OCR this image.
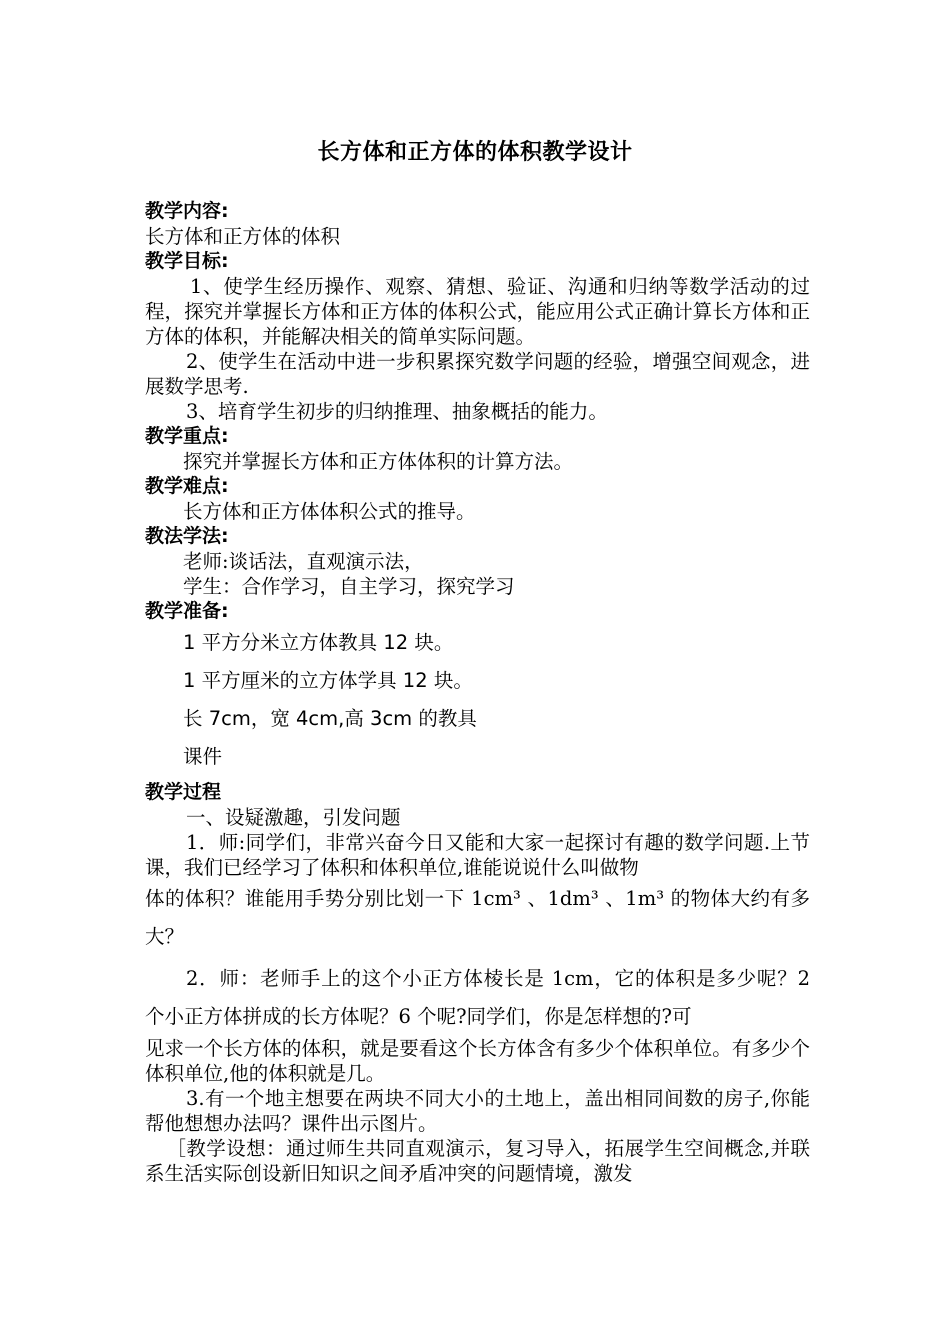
长方体和正方体的体积教学设计

教学内容:

长方体和正方体的体积

教学目标:

1、使学生经历操作、观察、猜想、验证、沟通和归纳等数学活动的过程，探究并掌握长方体和正方体的体积公式，能应用公式正确计算长方体和正方体的体积，并能解决相关的简单实际问题。

2、使学生在活动中进一步积累探究数学问题的经验，增强空间观念，进展数学思考.

3、培育学生初步的归纳推理、抽象概括的能力。

教学重点:

探究并掌握长方体和正方体体积的计算方法。

教学难点:

长方体和正方体体积公式的推导。

教法学法:

老师:谈话法，直观演示法，

学生：合作学习，自主学习，探究学习

教学准备:

1 平方分米立方体教具 12 块。

1 平方厘米的立方体学具 12 块。

长 7cm，宽 4cm,高 3cm 的教具

课件

教学过程

一、设疑激趣，引发问题

1．师:同学们，非常兴奋今日又能和大家一起探讨有趣的数学问题.上节课，我们已经学习了体积和体积单位,谁能说说什么叫做物

体的体积？谁能用手势分别比划一下 1cm³ 、1dm³ 、1m³ 的物体大约有多大？

2．师：老师手上的这个小正方体棱长是 1cm，它的体积是多少呢？2 个小正方体拼成的长方体呢？6 个呢?同学们，你是怎样想的?可

见求一个长方体的体积，就是要看这个长方体含有多少个体积单位。有多少个体积单位,他的体积就是几。

3.有一个地主想要在两块不同大小的土地上，盖出相同间数的房子,你能帮他想想办法吗？课件出示图片。

［教学设想：通过师生共同直观演示，复习导入，拓展学生空间概念,并联系生活实际创设新旧知识之间矛盾冲突的问题情境，激发
